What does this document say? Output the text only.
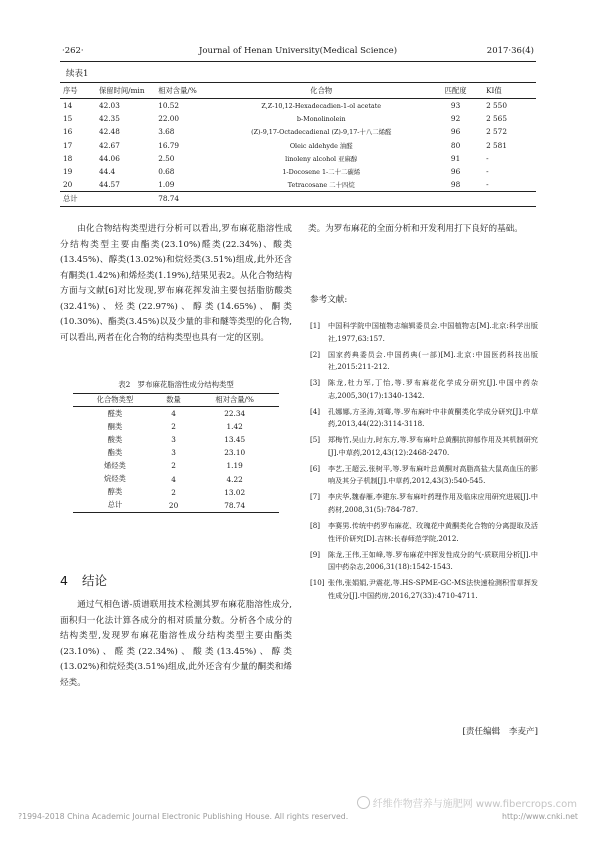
·262·	Journal of Henan University(Medical Science)	2017·36(4)
续表1
序号	保留时间/min	相对含量/%	化合物	匹配度	KI值
14	42.03	10.52	Z,Z-10,12-Hexadecadien-1-ol acetate	93	2 550
15	42.35	22.00	b-Monolinolein	92	2 565
16	42.48	3.68	(Z)-9,17-Octadecadienal (Z)-9,17-十八二烯醛	96	2 572
17	42.67	16.79	Oleic aldehyde 油醛	80	2 581
18	44.06	2.50	linoleny alcohol 亚麻醇	91	-
19	44.4	0.68	1-Docosene 1-二十二碳烯	96	-
20	44.57	1.09	Tetracosane 二十四烷	98	-
总计		78.74			

由化合物结构类型进行分析可以看出,罗布麻花脂溶性成分结构类型主要由酯类(23.10%)醛类(22.34%)、酸类(13.45%)、醇类(13.02%)和烷烃类(3.51%)组成,此外还含有酮类(1.42%)和烯烃类(1.19%),结果见表2。从化合物结构方面与文献[6]对比发现,罗布麻花挥发油主要包括脂肪酸类(32.41%)、烃类(22.97%)、醇类(14.65%)、酮类(10.30%)、酯类(3.45%)以及少量的非和醚等类型的化合物,可以看出,两者在化合物的结构类型也具有一定的区别。

表2　罗布麻花脂溶性成分结构类型
化合物类型	数量	相对含量/%
醛类	4	22.34
酮类	2	1.42
酸类	3	13.45
酯类	3	23.10
烯烃类	2	1.19
烷烃类	4	4.22
醇类	2	13.02
总计	20	78.74
4 结论

通过气相色谱-质谱联用技术检测其罗布麻花脂溶性成分,面积归一化法计算各成分的相对质量分数。分析各个成分的结构类型,发现罗布麻花脂溶性成分结构类型主要由酯类(23.10%)、醛类(22.34%)、酸类(13.45%)、醇类(13.02%)和烷烃类(3.51%)组成,此外还含有少量的酮类和烯烃类。

类。为罗布麻花的全面分析和开发利用打下良好的基础。

参考文献:
[1] 中国科学院中国植物志编辑委员会.中国植物志[M].北京:科学出版社,1977,63:157.
[2] 国家药典委员会.中国药典(一部)[M].北京:中国医药科技出版社,2015:211-212.
[3] 陈龙,杜力军,丁怡,等.罗布麻花化学成分研究[J].中国中药杂志,2005,30(17):1340-1342.
[4] 孔娜娜,方圣涛,刘骞,等.罗布麻叶中非黄酮类化学成分研究[J].中草药,2013,44(22):3114-3118.
[5] 郑梅竹,吴山力,时东方,等.罗布麻叶总黄酮抗抑郁作用及其机制研究[J].中草药,2012,43(12):2468-2470.
[6] 李艺,王超云,张树平,等.罗布麻叶总黄酮对高脂高盐大鼠高血压的影响及其分子机制[J].中草药,2012,43(3):540-545.
[7] 李庆华,魏春雁,李建东.罗布麻叶药理作用及临床应用研究进展[J].中药材,2008,31(5):784-787.
[8] 李赛男.传统中药罗布麻花、玫瑰花中黄酮类化合物的分离提取及活性评价研究[D].吉林:长春师范学院,2012.
[9] 陈龙,王伟,王如峰,等.罗布麻花中挥发性成分的气-质联用分析[J].中国中药杂志,2006,31(18):1542-1543.
[10] 张伟,张娟娟,尹震花,等.HS-SPME-GC-MS法快速检测积雪草挥发性成分[J].中国药房,2016,27(33):4710-4711.
[责任编辑　李麦产]
纤维作物营养与施肥网 www.fibercrops.com
?1994-2018 China Academic Journal Electronic Publishing House. All rights reserved.	http://www.cnki.net
